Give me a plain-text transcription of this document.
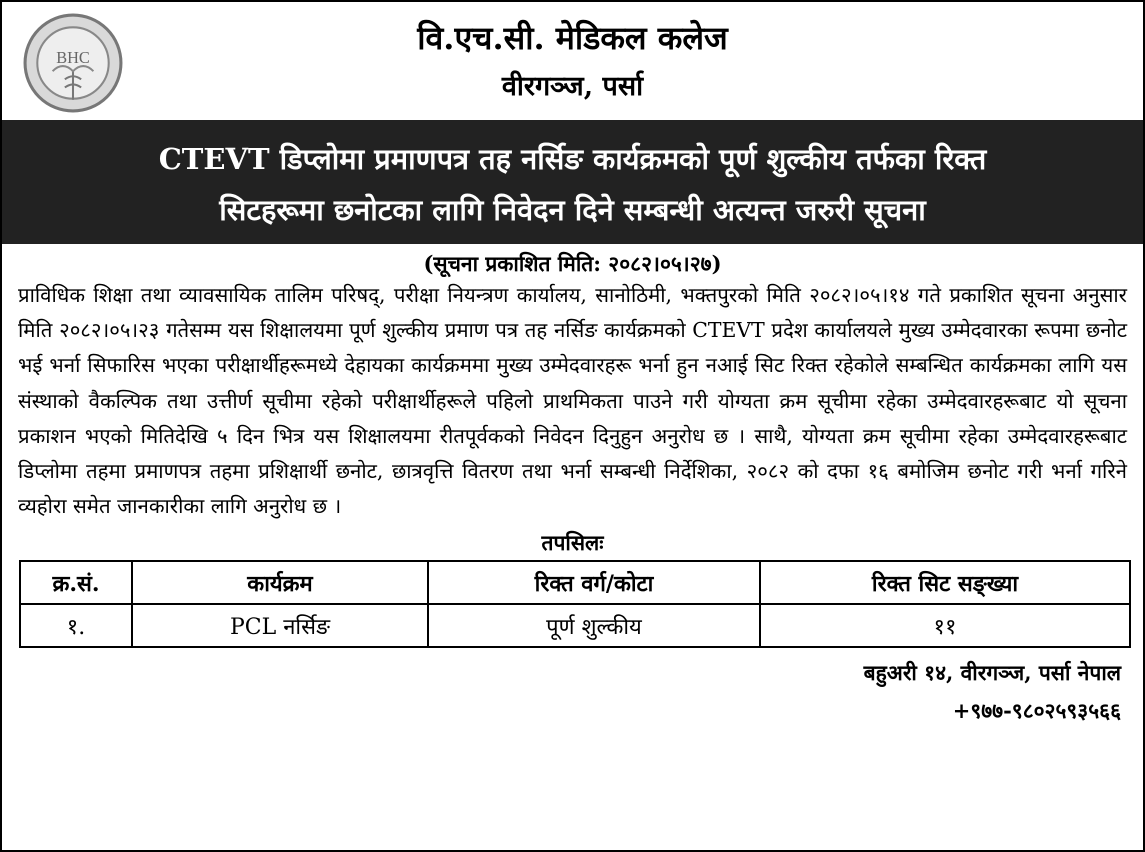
BHC
वि.एच.सी. मेडिकल कलेज
वीरगञ्ज, पर्सा
CTEVT डिप्लोमा प्रमाणपत्र तह नर्सिङ कार्यक्रमको पूर्ण शुल्कीय तर्फका रिक्त
सिटहरूमा छनोटका लागि निवेदन दिने सम्बन्धी अत्यन्त जरुरी सूचना
(सूचना प्रकाशित मिति: २०८२।०५।२७)

प्राविधिक शिक्षा तथा व्यावसायिक तालिम परिषद्, परीक्षा नियन्त्रण कार्यालय, सानोठिमी, भक्तपुरको मिति २०८२।०५।१४ गते प्रकाशित सूचना अनुसार मिति २०८२।०५।२३ गतेसम्म यस शिक्षालयमा पूर्ण शुल्कीय प्रमाण पत्र तह नर्सिङ कार्यक्रमको CTEVT प्रदेश कार्यालयले मुख्य उम्मेदवारका रूपमा छनोट भई भर्ना सिफारिस भएका परीक्षार्थीहरूमध्ये देहायका कार्यक्रममा मुख्य उम्मेदवारहरू भर्ना हुन नआई सिट रिक्त रहेकोले सम्बन्धित कार्यक्रमका लागि यस संस्थाको वैकल्पिक तथा उत्तीर्ण सूचीमा रहेको परीक्षार्थीहरूले पहिलो प्राथमिकता पाउने गरी योग्यता क्रम सूचीमा रहेका उम्मेदवारहरूबाट यो सूचना प्रकाशन भएको मितिदेखि ५ दिन भित्र यस शिक्षालयमा रीतपूर्वकको निवेदन दिनुहुन अनुरोध छ । साथै, योग्यता क्रम सूचीमा रहेका उम्मेदवारहरूबाट डिप्लोमा तहमा प्रमाणपत्र तहमा प्रशिक्षार्थी छनोट, छात्रवृत्ति वितरण तथा भर्ना सम्बन्धी निर्देशिका, २०८२ को दफा १६ बमोजिम छनोट गरी भर्ना गरिने व्यहोरा समेत जानकारीका लागि अनुरोध छ ।

तपसिलः
क्र.सं.	कार्यक्रम	रिक्त वर्ग/कोटा	रिक्त सिट सङ्ख्या
१.	PCL नर्सिङ	पूर्ण शुल्कीय	११
बहुअरी १४, वीरगञ्ज, पर्सा नेपाल
+९७७-९८०२५९३५६६
